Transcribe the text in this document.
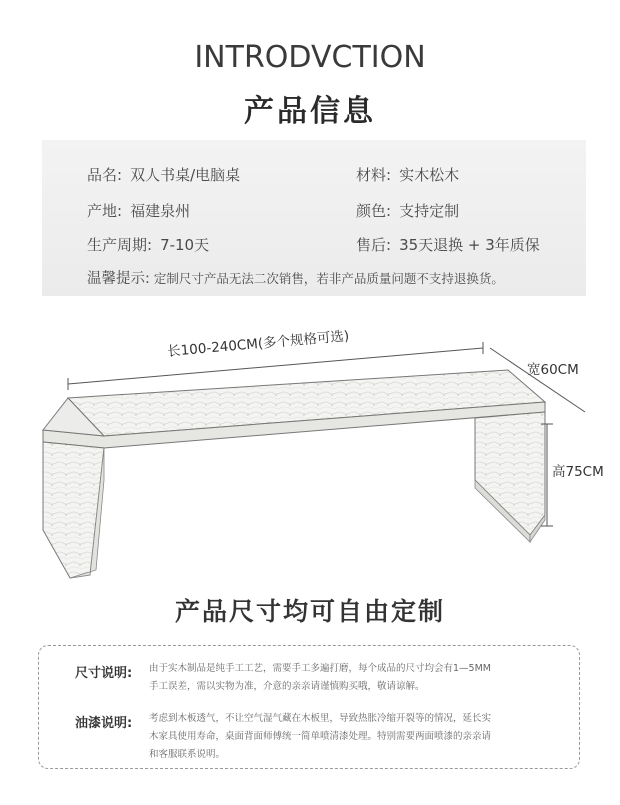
INTRODVCTION
产品信息
品名: 双人书桌/电脑桌	材料: 实木松木
产地: 福建泉州	颜色: 支持定制
生产周期: 7-10天	售后: 35天退换 + 3年质保
温馨提示: 定制尺寸产品无法二次销售，若非产品质量问题不支持退换货。
长100-240CM(多个规格可选)
宽60CM
高75CM
产品尺寸均可自由定制
尺寸说明: 由于实木制品是纯手工工艺，需要手工多遍打磨，每个成品的尺寸均会有1—5MM
手工误差，需以实物为准，介意的亲亲请谨慎购买哦，敬请谅解。
油漆说明: 考虑到木板透气，不让空气湿气藏在木板里，导致热胀冷缩开裂等的情况，延长实
木家具使用寿命，桌面背面师傅统一简单喷清漆处理。特别需要两面喷漆的亲亲请
和客服联系说明。
